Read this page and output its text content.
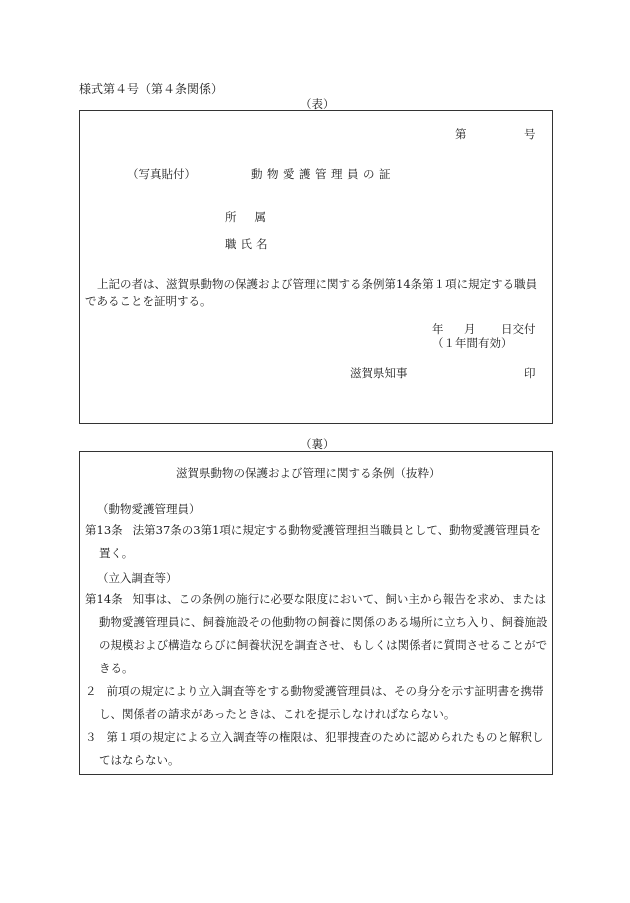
様式第４号（第４条関係）
（表）
第	号
（写真貼付）	動物愛護管理員の証
所属
職氏名
上記の者は、滋賀県動物の保護および管理に関する条例第14条第１項に規定する職員であることを証明する。
年 月 日交付
（１年間有効）
滋賀県知事	印
（裏）
滋賀県動物の保護および管理に関する条例（抜粋）
（動物愛護管理員）
第13条 法第37条の3第1項に規定する動物愛護管理担当職員として、動物愛護管理員を置く。
（立入調査等）
第14条 知事は、この条例の施行に必要な限度において、飼い主から報告を求め、または動物愛護管理員に、飼養施設その他動物の飼養に関係のある場所に立ち入り、飼養施設の規模および構造ならびに飼養状況を調査させ、もしくは関係者に質問させることができる。
２ 前項の規定により立入調査等をする動物愛護管理員は、その身分を示す証明書を携帯し、関係者の請求があったときは、これを提示しなければならない。
３ 第１項の規定による立入調査等の権限は、犯罪捜査のために認められたものと解釈してはならない。
